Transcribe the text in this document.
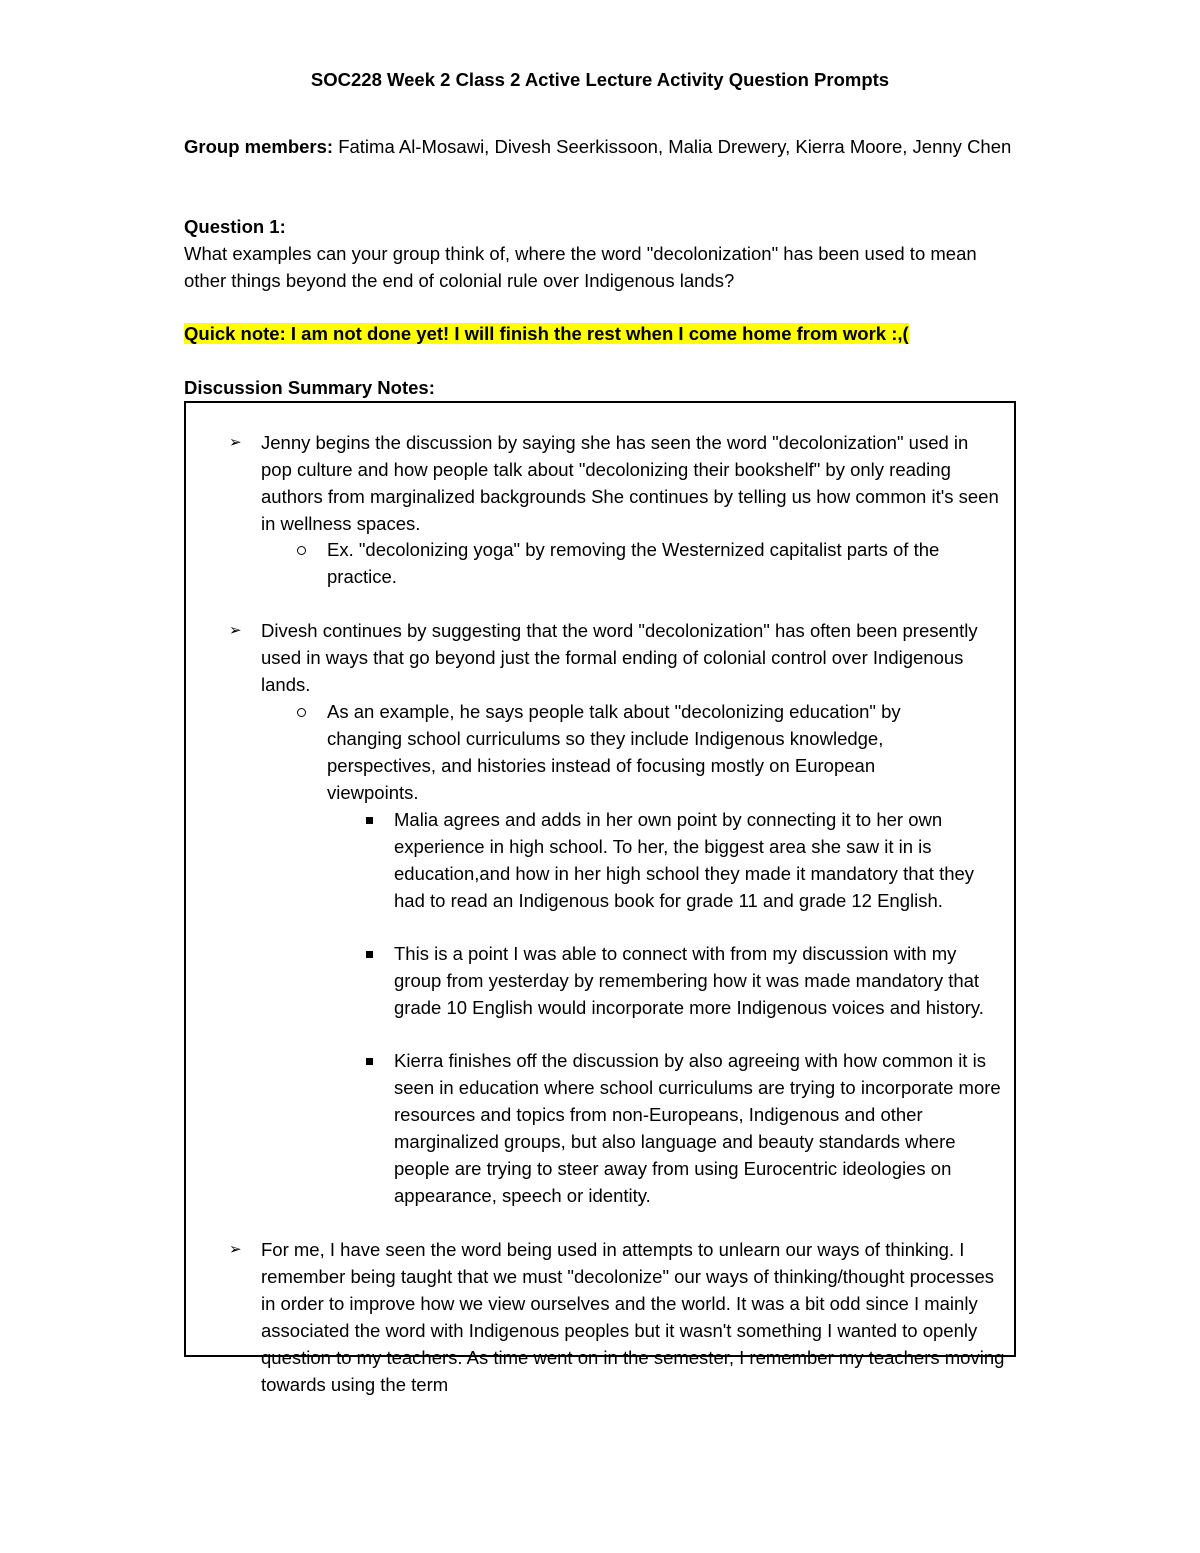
SOC228 Week 2 Class 2 Active Lecture Activity Question Prompts
Group members: Fatima Al-Mosawi, Divesh Seerkissoon, Malia Drewery, Kierra Moore, Jenny Chen
Question 1:
What examples can your group think of, where the word "decolonization" has been used to mean other things beyond the end of colonial rule over Indigenous lands?
Quick note: I am not done yet! I will finish the rest when I come home from work :,(
Discussion Summary Notes:
➢ Jenny begins the discussion by saying she has seen the word "decolonization" used in pop culture and how people talk about "decolonizing their bookshelf" by only reading authors from marginalized backgrounds She continues by telling us how common it's seen in wellness spaces.
Ex. "decolonizing yoga" by removing the Westernized capitalist parts of the practice.
➢ Divesh continues by suggesting that the word "decolonization" has often been presently used in ways that go beyond just the formal ending of colonial control over Indigenous lands.
As an example, he says people talk about "decolonizing education" by changing school curriculums so they include Indigenous knowledge, perspectives, and histories instead of focusing mostly on European viewpoints.
Malia agrees and adds in her own point by connecting it to her own experience in high school. To her, the biggest area she saw it in is education,and how in her high school they made it mandatory that they had to read an Indigenous book for grade 11 and grade 12 English.
This is a point I was able to connect with from my discussion with my group from yesterday by remembering how it was made mandatory that grade 10 English would incorporate more Indigenous voices and history.
Kierra finishes off the discussion by also agreeing with how common it is seen in education where school curriculums are trying to incorporate more resources and topics from non-Europeans, Indigenous and other marginalized groups, but also language and beauty standards where people are trying to steer away from using Eurocentric ideologies on appearance, speech or identity.
➢ For me, I have seen the word being used in attempts to unlearn our ways of thinking. I remember being taught that we must "decolonize" our ways of thinking/thought processes in order to improve how we view ourselves and the world. It was a bit odd since I mainly associated the word with Indigenous peoples but it wasn't something I wanted to openly question to my teachers. As time went on in the semester, I remember my teachers moving towards using the term
